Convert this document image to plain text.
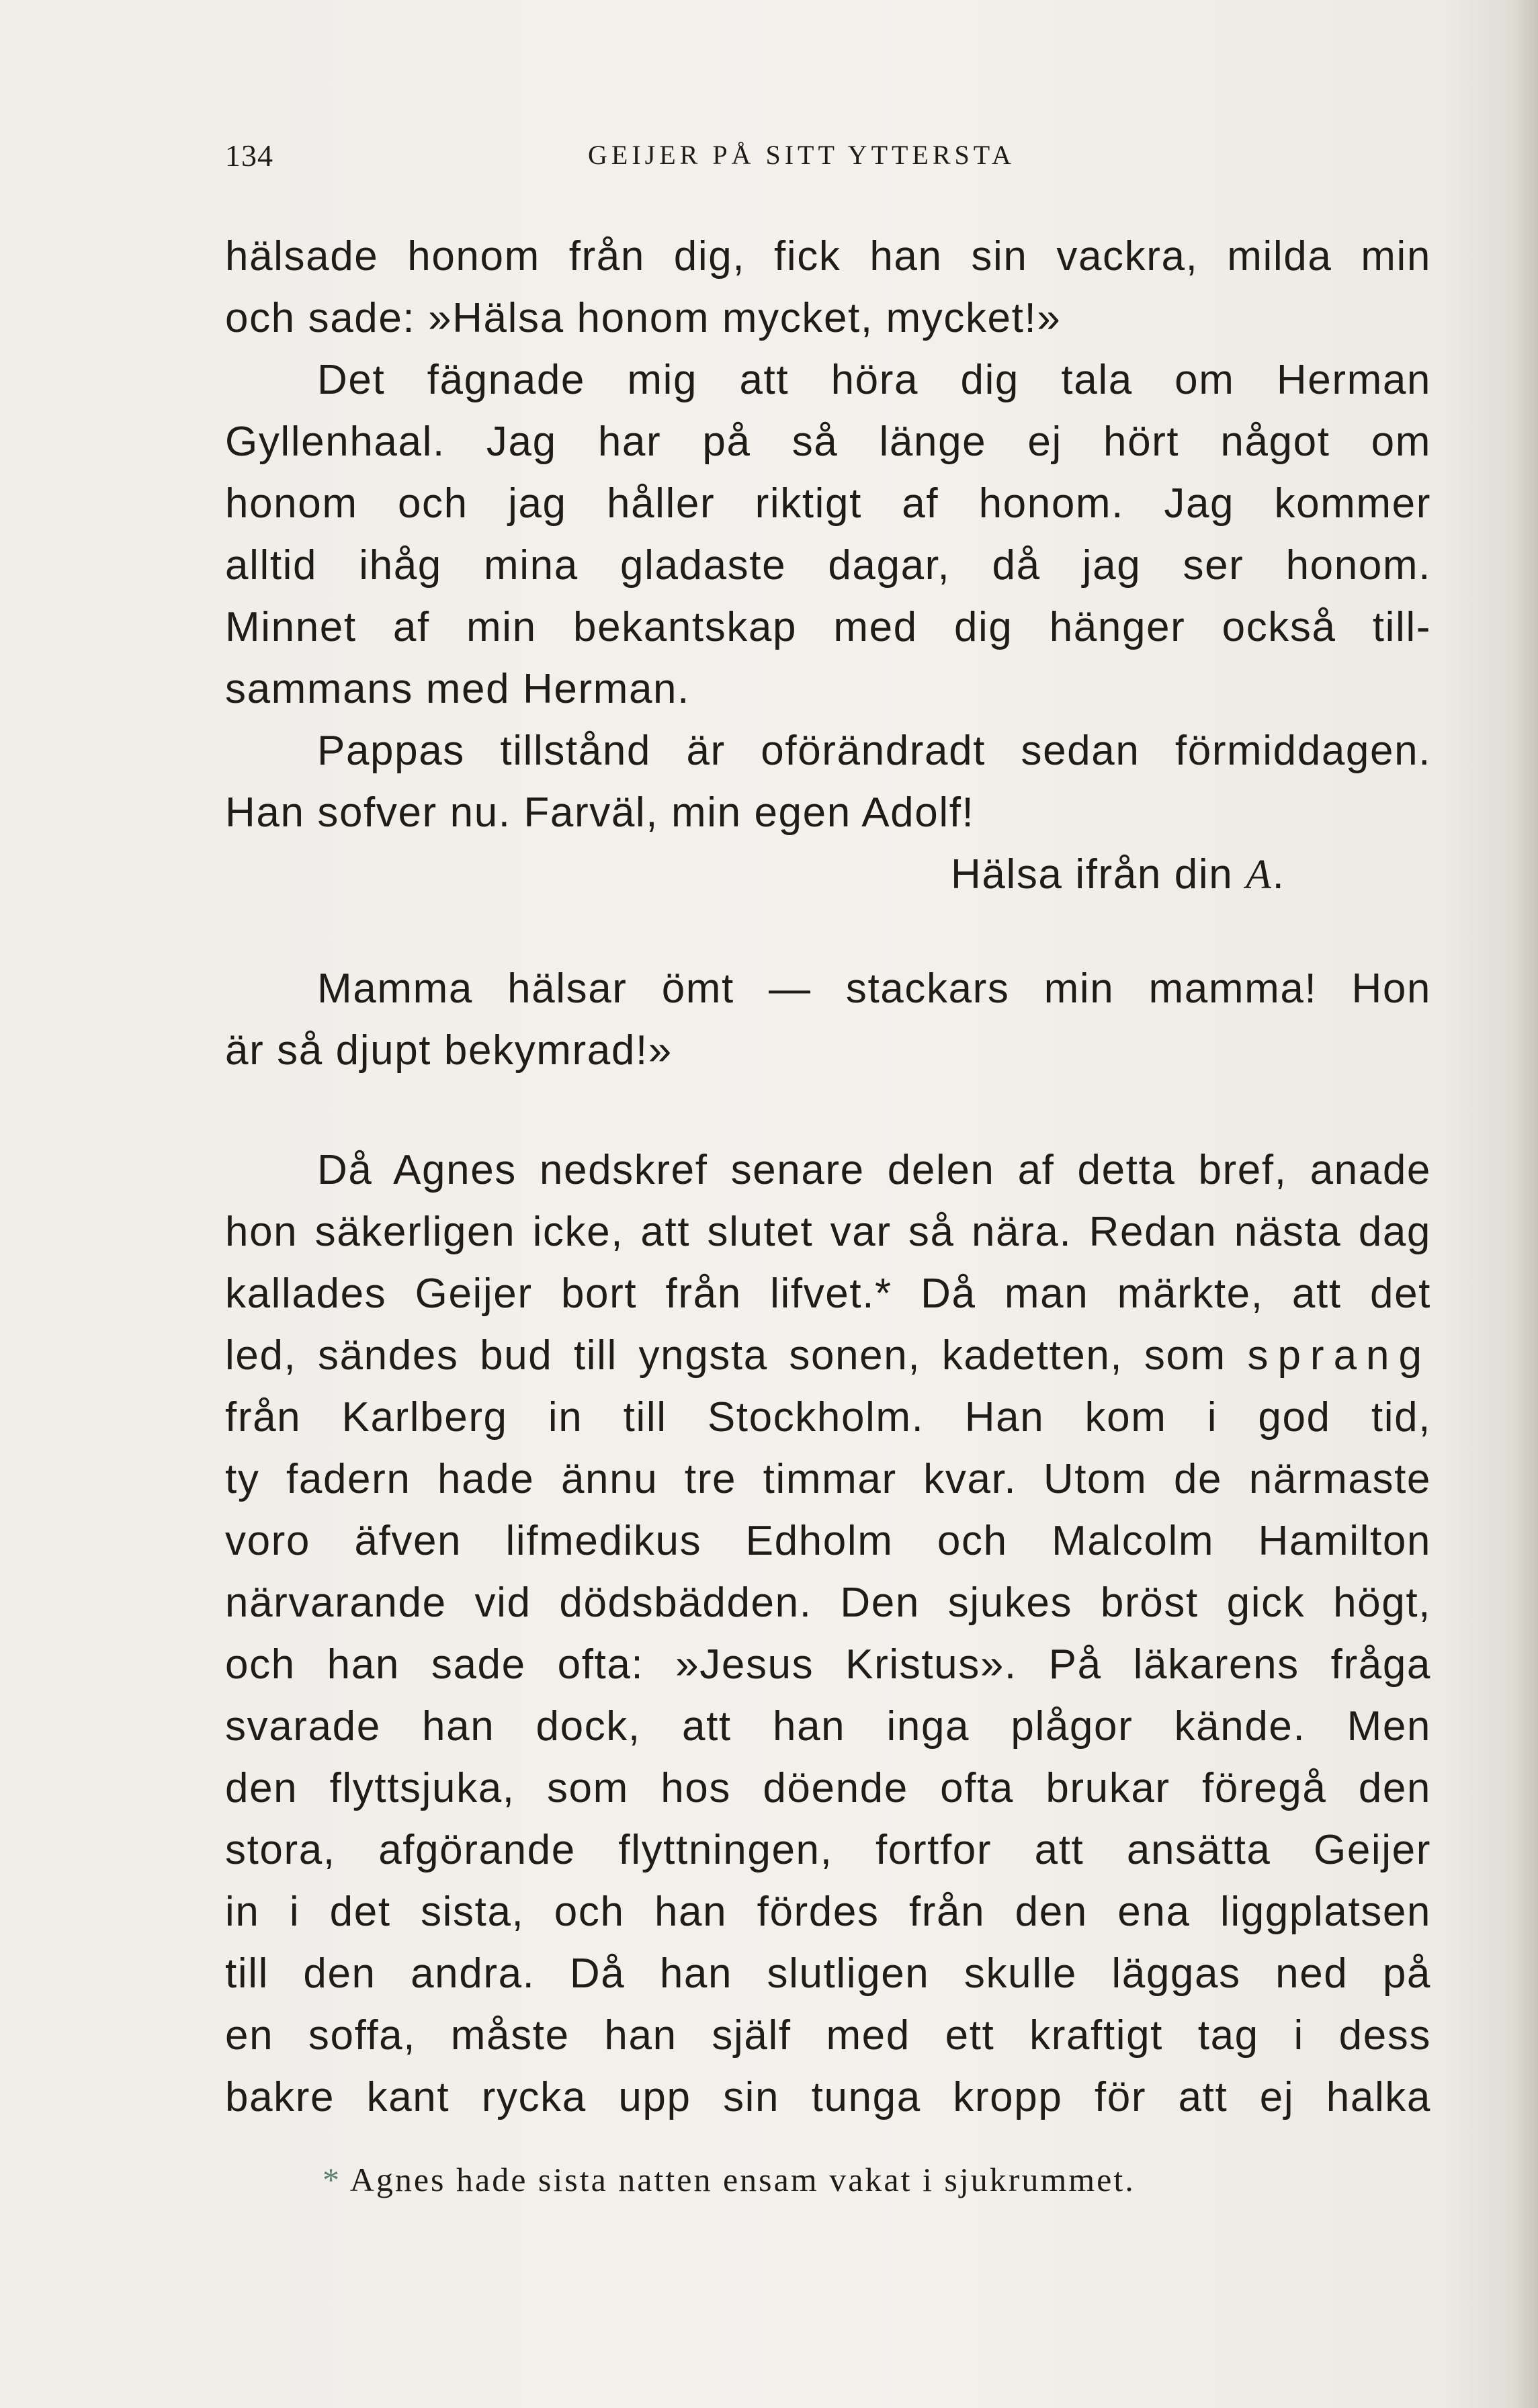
134	GEIJER PÅ SITT YTTERSTA
hälsade honom från dig, fick han sin vackra, milda min
och sade: »Hälsa honom mycket, mycket!»
Det fägnade mig att höra dig tala om Herman
Gyllenhaal. Jag har på så länge ej hört något om
honom och jag håller riktigt af honom. Jag kommer
alltid ihåg mina gladaste dagar, då jag ser honom.
Minnet af min bekantskap med dig hänger också till-
sammans med Herman.
Pappas tillstånd är oförändradt sedan förmiddagen.
Han sofver nu. Farväl, min egen Adolf!
Hälsa ifrån din A.
Mamma hälsar ömt — stackars min mamma! Hon
är så djupt bekymrad!»
Då Agnes nedskref senare delen af detta bref, anade
hon säkerligen icke, att slutet var så nära. Redan nästa dag
kallades Geijer bort från lifvet.* Då man märkte, att det
led, sändes bud till yngsta sonen, kadetten, som sprang
från Karlberg in till Stockholm. Han kom i god tid,
ty fadern hade ännu tre timmar kvar. Utom de närmaste
voro äfven lifmedikus Edholm och Malcolm Hamilton
närvarande vid dödsbädden. Den sjukes bröst gick högt,
och han sade ofta: »Jesus Kristus». På läkarens fråga
svarade han dock, att han inga plågor kände. Men
den flyttsjuka, som hos döende ofta brukar föregå den
stora, afgörande flyttningen, fortfor att ansätta Geijer
in i det sista, och han fördes från den ena liggplatsen
till den andra. Då han slutligen skulle läggas ned på
en soffa, måste han själf med ett kraftigt tag i dess
bakre kant rycka upp sin tunga kropp för att ej halka
* Agnes hade sista natten ensam vakat i sjukrummet.
